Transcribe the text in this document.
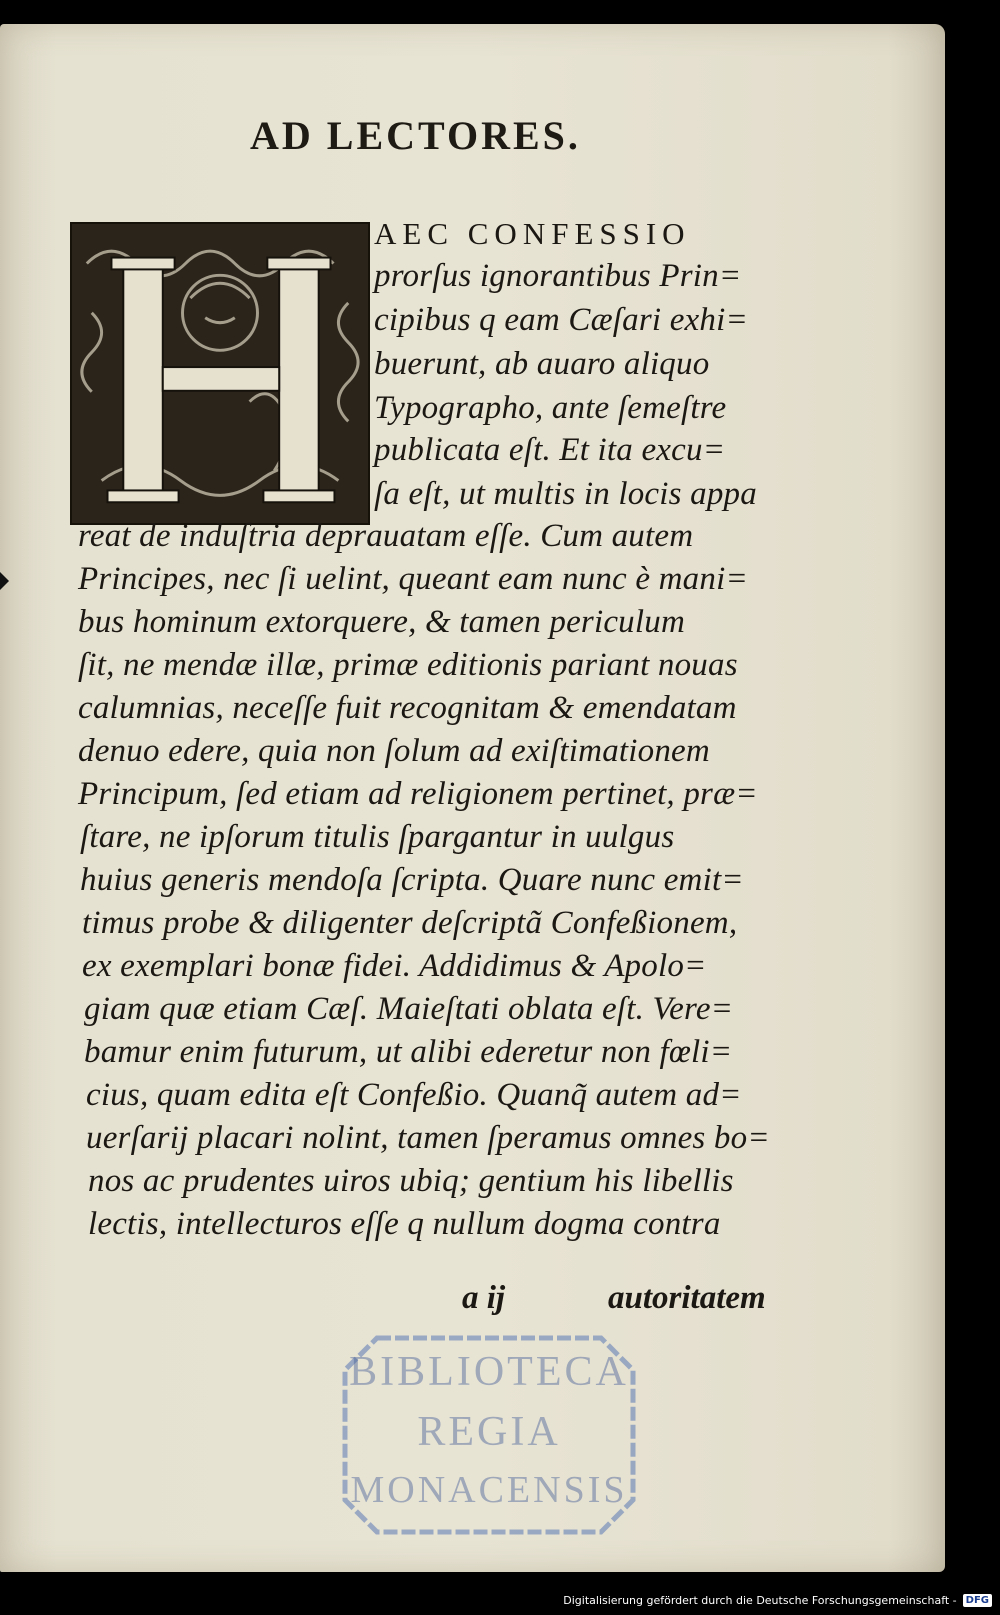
AD LECTORES.
AEC CONFESSIO
prorſus ignorantibus Prin=
cipibus q eam Cæſari exhi=
buerunt, ab auaro aliquo
Typographo, ante ſemeſtre
publicata eſt. Et ita excu=
ſa eſt, ut multis in locis appa
reat de induſtria deprauatam eſſe. Cum autem
Principes, nec ſi uelint, queant eam nunc è mani=
bus hominum extorquere, & tamen periculum
ſit, ne mendæ illæ, primæ editionis pariant nouas
calumnias, neceſſe fuit recognitam & emendatam
denuo edere, quia non ſolum ad exiſtimationem
Principum, ſed etiam ad religionem pertinet, præ=
ſtare, ne ipſorum titulis ſpargantur in uulgus
huius generis mendoſa ſcripta. Quare nunc emit=
timus probe & diligenter deſcriptã Confeßionem,
ex exemplari bonæ fidei. Addidimus & Apolo=
giam quæ etiam Cæſ. Maieſtati oblata eſt. Vere=
bamur enim futurum, ut alibi ederetur non fœli=
cius, quam edita eſt Confeßio. Quanq̃ autem ad=
uerſarij placari nolint, tamen ſperamus omnes bo=
nos ac prudentes uiros ubiq; gentium his libellis
lectis, intellecturos eſſe q nullum dogma contra
a ij	autoritatem
BIBLIOTECA
REGIA
MONACENSIS
Digitalisierung gefördert durch die Deutsche Forschungsgemeinschaft - DFG
